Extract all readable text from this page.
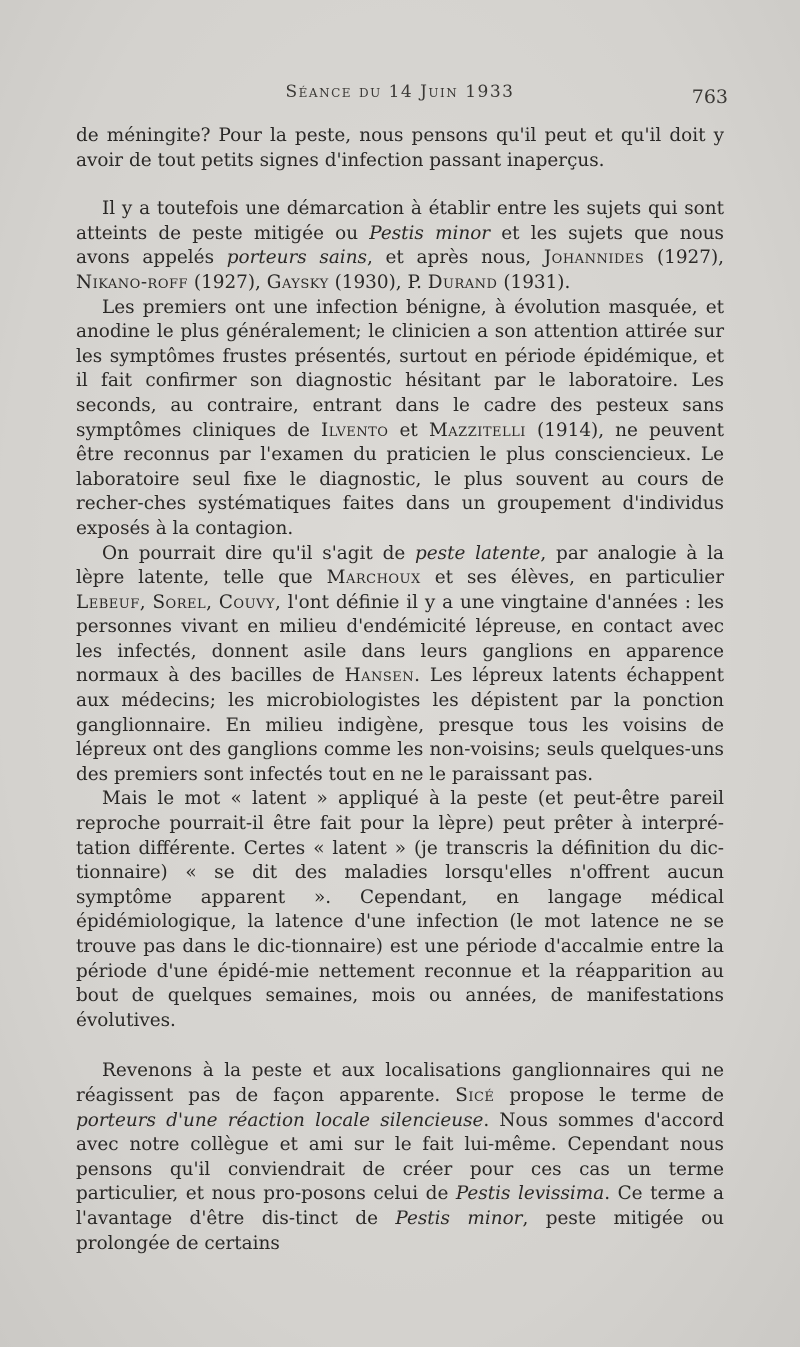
Séance du 14 Juin 1933	763

de méningite? Pour la peste, nous pensons qu'il peut et qu'il doit y avoir de tout petits signes d'infection passant inaperçus.

Il y a toutefois une démarcation à établir entre les sujets qui sont atteints de peste mitigée ou Pestis minor et les sujets que nous avons appelés porteurs sains, et après nous, Johannides (1927), Nikano-roff (1927), Gaysky (1930), P. Durand (1931).

Les premiers ont une infection bénigne, à évolution masquée, et anodine le plus généralement; le clinicien a son attention attirée sur les symptômes frustes présentés, surtout en période épidémique, et il fait confirmer son diagnostic hésitant par le laboratoire. Les seconds, au contraire, entrant dans le cadre des pesteux sans symptômes cliniques de Ilvento et Mazzitelli (1914), ne peuvent être reconnus par l'examen du praticien le plus consciencieux. Le laboratoire seul fixe le diagnostic, le plus souvent au cours de recher-ches systématiques faites dans un groupement d'individus exposés à la contagion.

On pourrait dire qu'il s'agit de peste latente, par analogie à la lèpre latente, telle que Marchoux et ses élèves, en particulier Lebeuf, Sorel, Couvy, l'ont définie il y a une vingtaine d'années : les personnes vivant en milieu d'endémicité lépreuse, en contact avec les infectés, donnent asile dans leurs ganglions en apparence normaux à des bacilles de Hansen. Les lépreux latents échappent aux médecins; les microbiologistes les dépistent par la ponction ganglionnaire. En milieu indigène, presque tous les voisins de lépreux ont des ganglions comme les non-voisins; seuls quelques-uns des premiers sont infectés tout en ne le paraissant pas.

Mais le mot « latent » appliqué à la peste (et peut-être pareil reproche pourrait-il être fait pour la lèpre) peut prêter à interpré-tation différente. Certes « latent » (je transcris la définition du dic-tionnaire) « se dit des maladies lorsqu'elles n'offrent aucun symptôme apparent ». Cependant, en langage médical épidémiologique, la latence d'une infection (le mot latence ne se trouve pas dans le dic-tionnaire) est une période d'accalmie entre la période d'une épidé-mie nettement reconnue et la réapparition au bout de quelques semaines, mois ou années, de manifestations évolutives.

Revenons à la peste et aux localisations ganglionnaires qui ne réagissent pas de façon apparente. Sicé propose le terme de porteurs d'une réaction locale silencieuse. Nous sommes d'accord avec notre collègue et ami sur le fait lui-même. Cependant nous pensons qu'il conviendrait de créer pour ces cas un terme particulier, et nous pro-posons celui de Pestis levissima. Ce terme a l'avantage d'être dis-tinct de Pestis minor, peste mitigée ou prolongée de certains
